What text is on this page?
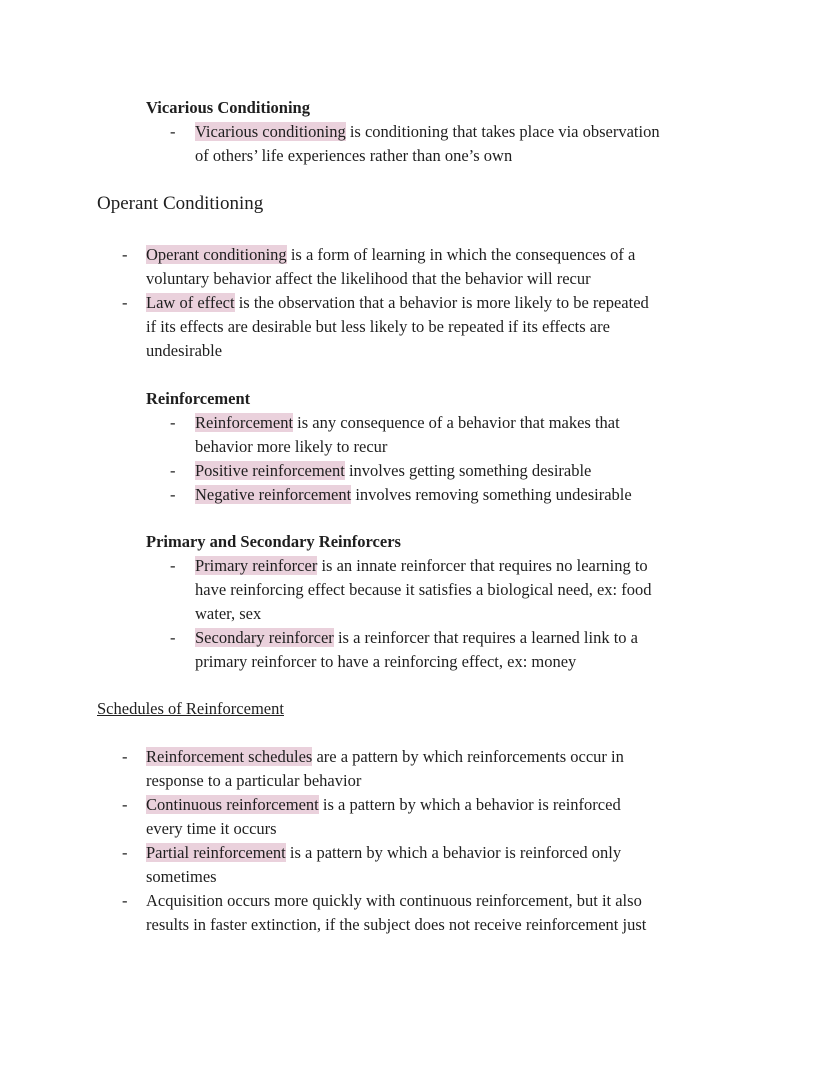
Vicarious Conditioning
- Vicarious conditioning is conditioning that takes place via observation
of others’ life experiences rather than one’s own
Operant Conditioning
- Operant conditioning is a form of learning in which the consequences of a
voluntary behavior affect the likelihood that the behavior will recur
- Law of effect is the observation that a behavior is more likely to be repeated
if its effects are desirable but less likely to be repeated if its effects are
undesirable
Reinforcement
- Reinforcement is any consequence of a behavior that makes that
behavior more likely to recur
- Positive reinforcement involves getting something desirable
- Negative reinforcement involves removing something undesirable
Primary and Secondary Reinforcers
- Primary reinforcer is an innate reinforcer that requires no learning to
have reinforcing effect because it satisfies a biological need, ex: food
water, sex
- Secondary reinforcer is a reinforcer that requires a learned link to a
primary reinforcer to have a reinforcing effect, ex: money
Schedules of Reinforcement
- Reinforcement schedules are a pattern by which reinforcements occur in
response to a particular behavior
- Continuous reinforcement is a pattern by which a behavior is reinforced
every time it occurs
- Partial reinforcement is a pattern by which a behavior is reinforced only
sometimes
- Acquisition occurs more quickly with continuous reinforcement, but it also
results in faster extinction, if the subject does not receive reinforcement just
